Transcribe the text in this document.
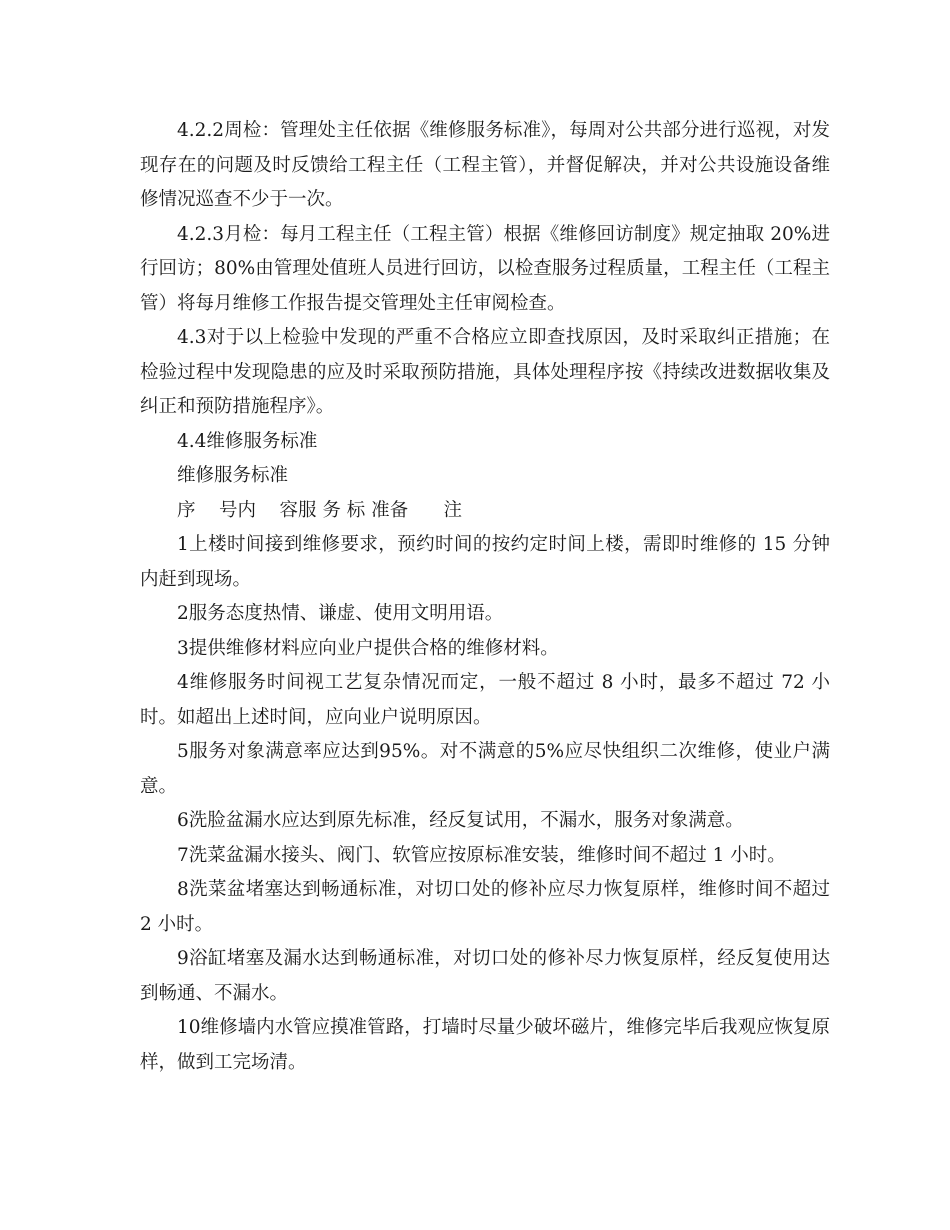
4.2.2周检：管理处主任依据《维修服务标准》，每周对公共部分进行巡视，对发现存在的问题及时反馈给工程主任（工程主管），并督促解决，并对公共设施设备维修情况巡查不少于一次。

4.2.3月检：每月工程主任（工程主管）根据《维修回访制度》规定抽取 20%进行回访；80%由管理处值班人员进行回访，以检查服务过程质量，工程主任（工程主管）将每月维修工作报告提交管理处主任审阅检查。

4.3对于以上检验中发现的严重不合格应立即查找原因，及时采取纠正措施；在检验过程中发现隐患的应及时采取预防措施，具体处理程序按《持续改进数据收集及纠正和预防措施程序》。

4.4维修服务标准

维修服务标准

序    号内    容服 务 标 准备      注

1上楼时间接到维修要求，预约时间的按约定时间上楼，需即时维修的 15 分钟内赶到现场。

2服务态度热情、谦虚、使用文明用语。

3提供维修材料应向业户提供合格的维修材料。

4维修服务时间视工艺复杂情况而定，一般不超过 8 小时，最多不超过 72 小时。如超出上述时间，应向业户说明原因。

5服务对象满意率应达到95%。对不满意的5%应尽快组织二次维修，使业户满意。

6洗脸盆漏水应达到原先标准，经反复试用，不漏水，服务对象满意。

7洗菜盆漏水接头、阀门、软管应按原标准安装，维修时间不超过 1 小时。

8洗菜盆堵塞达到畅通标准，对切口处的修补应尽力恢复原样，维修时间不超过 2 小时。

9浴缸堵塞及漏水达到畅通标准，对切口处的修补尽力恢复原样，经反复使用达到畅通、不漏水。

10维修墙内水管应摸准管路，打墙时尽量少破坏磁片，维修完毕后我观应恢复原样，做到工完场清。
